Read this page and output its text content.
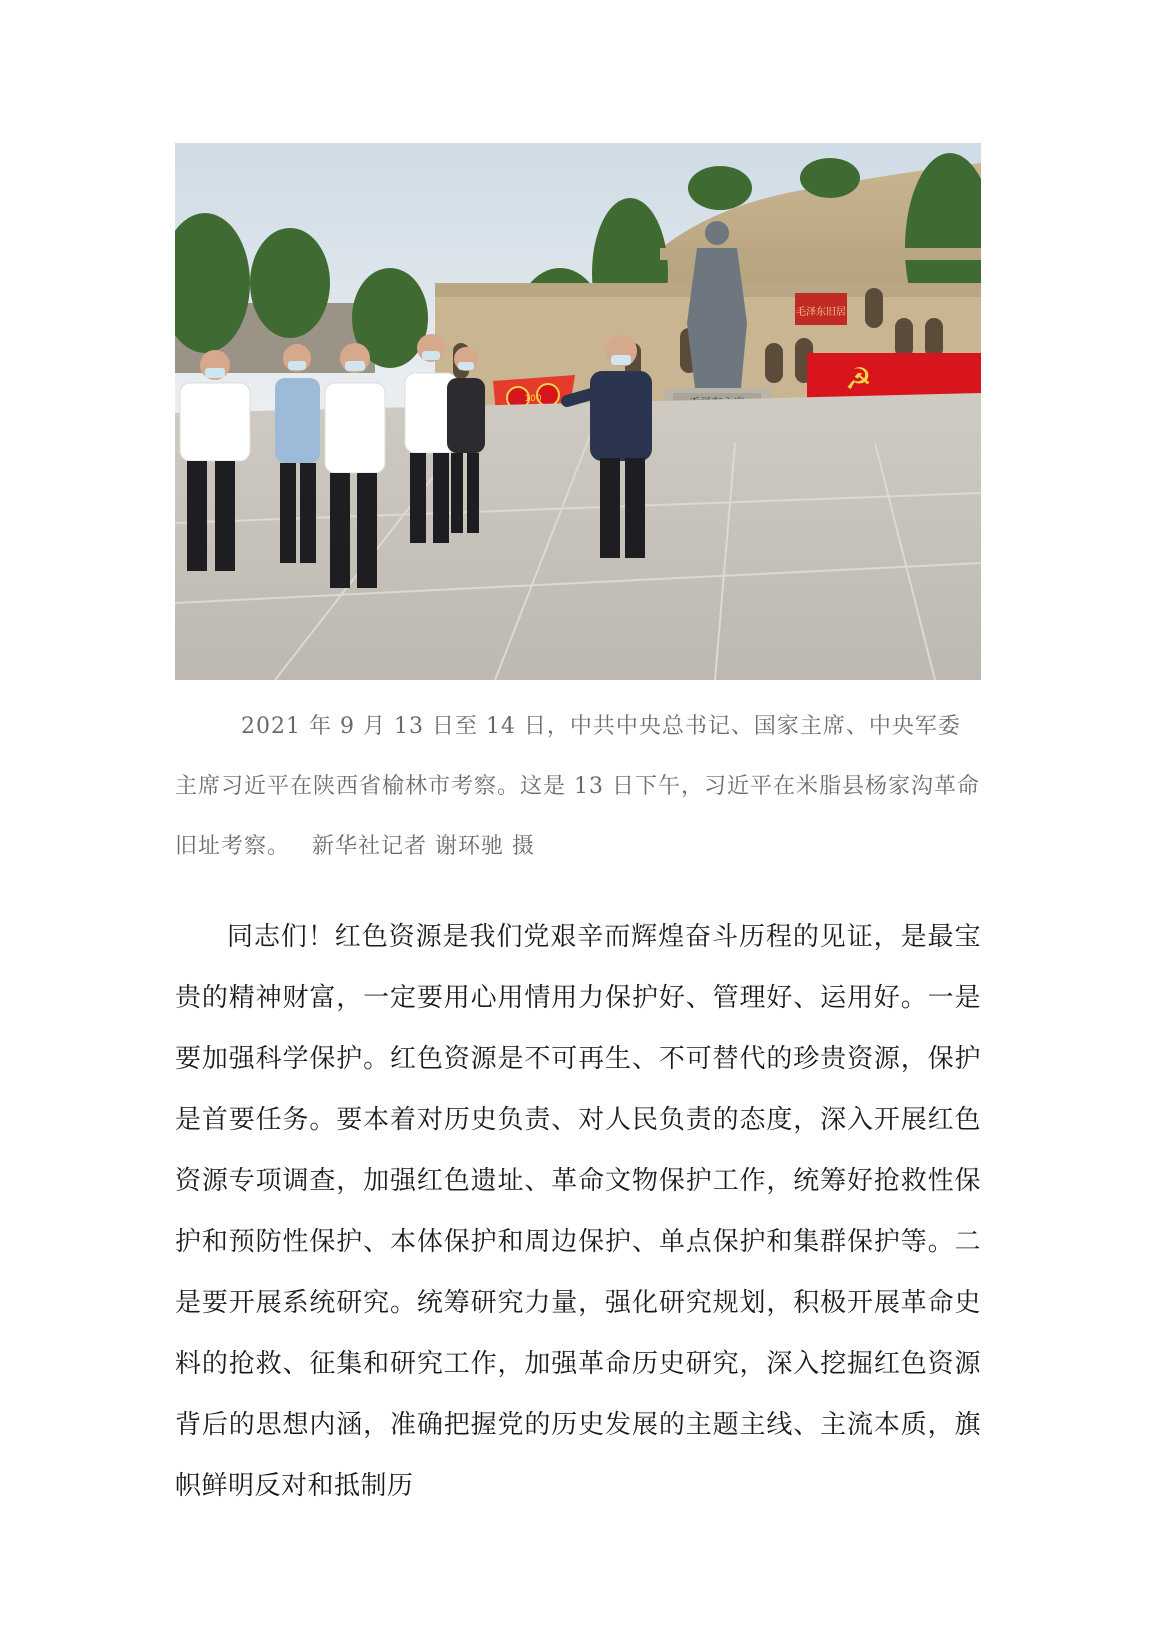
毛泽东旧居
☭
100

2021 年 9 月 13 日至 14 日，中共中央总书记、国家主席、中央军委主席习近平在陕西省榆林市考察。这是 13 日下午，习近平在米脂县杨家沟革命旧址考察。 新华社记者 谢环驰 摄

同志们！红色资源是我们党艰辛而辉煌奋斗历程的见证，是最宝贵的精神财富，一定要用心用情用力保护好、管理好、运用好。一是要加强科学保护。红色资源是不可再生、不可替代的珍贵资源，保护是首要任务。要本着对历史负责、对人民负责的态度，深入开展红色资源专项调查，加强红色遗址、革命文物保护工作，统筹好抢救性保护和预防性保护、本体保护和周边保护、单点保护和集群保护等。二是要开展系统研究。统筹研究力量，强化研究规划，积极开展革命史料的抢救、征集和研究工作，加强革命历史研究，深入挖掘红色资源背后的思想内涵，准确把握党的历史发展的主题主线、主流本质，旗帜鲜明反对和抵制历
